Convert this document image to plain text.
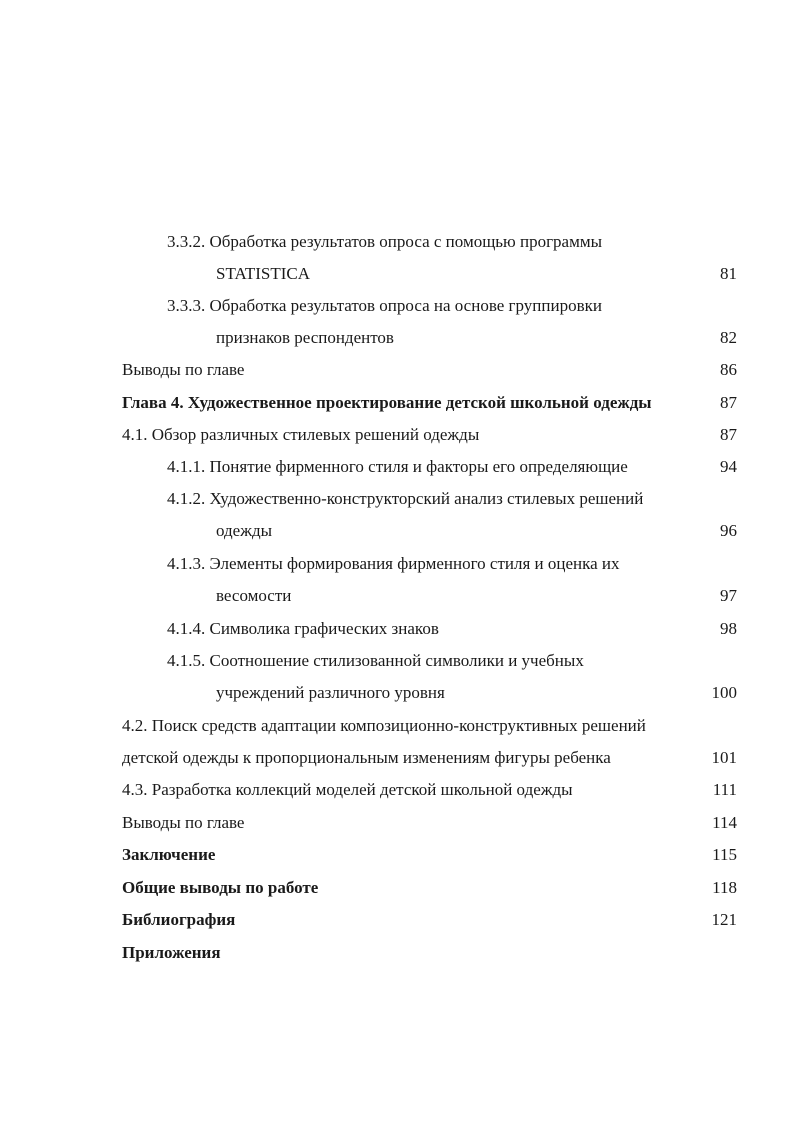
3.3.2. Обработка результатов опроса с помощью программы
STATISTICA	81
3.3.3. Обработка результатов опроса на основе группировки
признаков респондентов	82
Выводы по главе	86
Глава 4. Художественное проектирование детской школьной одежды	87
4.1. Обзор различных стилевых решений одежды	87
4.1.1. Понятие фирменного стиля и факторы его определяющие	94
4.1.2. Художественно-конструкторский анализ стилевых решений
одежды	96
4.1.3. Элементы формирования фирменного стиля и оценка их
весомости	97
4.1.4. Символика графических знаков	98
4.1.5. Соотношение стилизованной символики и учебных
учреждений различного уровня	100
4.2. Поиск средств адаптации композиционно-конструктивных решений
детской одежды к пропорциональным изменениям фигуры ребенка	101
4.3. Разработка коллекций моделей детской школьной одежды	111
Выводы по главе	114
Заключение	115
Общие выводы по работе	118
Библиография	121
Приложения
